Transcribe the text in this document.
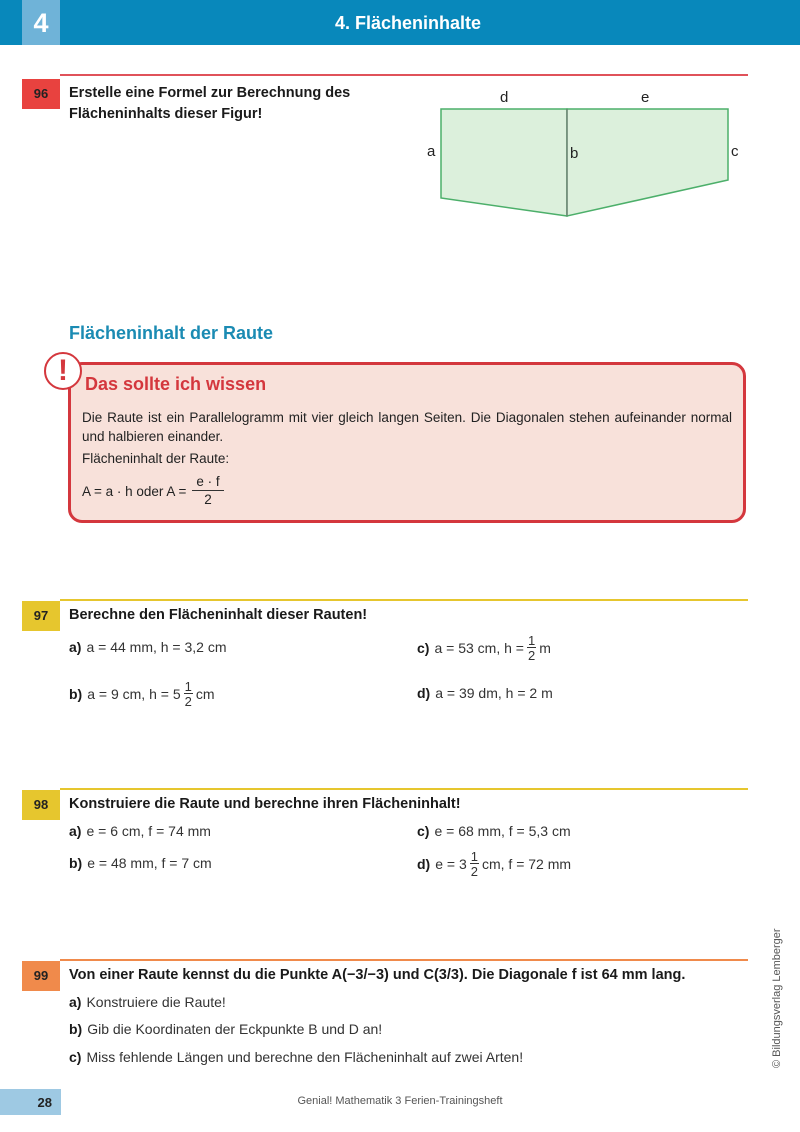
4. Flächeninhalte
4
96	Erstelle eine Formel zur Berechnung des
Flächeninhalts dieser Figur!
d	e
a	b	c
Flächeninhalt der Raute
! Das sollte ich wissen
Die Raute ist ein Parallelogramm mit vier gleich langen Seiten. Die Diagonalen stehen aufeinander normal und halbieren einander.
Flächeninhalt der Raute:
A = a · h oder $A = \frac{e \cdot f}{2}$
97	Berechne den Flächeninhalt dieser Rauten!
a) a = 44 mm, h = 3,2 cm
b) a = 9 cm, $h = 5 \frac{1}{2}$ cm
c) a = 53 cm, $h = \frac{1}{2}$ m
d) a = 39 dm, h = 2 m
98	Konstruiere die Raute und berechne ihren Flächeninhalt!
a) e = 6 cm, f = 74 mm
b) e = 48 mm, f = 7 cm
c) e = 68 mm, f = 5,3 cm
d) $e = 3 \frac{1}{2}$ cm, f = 72 mm
99	Von einer Raute kennst du die Punkte A(−3/−3) und C(3/3). Die Diagonale f ist 64 mm lang.
a) Konstruiere die Raute!
b) Gib die Koordinaten der Eckpunkte B und D an!
c) Miss fehlende Längen und berechne den Flächeninhalt auf zwei Arten!
28	Genial! Mathematik 3 Ferien-Trainingsheft
© Bildungsverlag Lemberger
